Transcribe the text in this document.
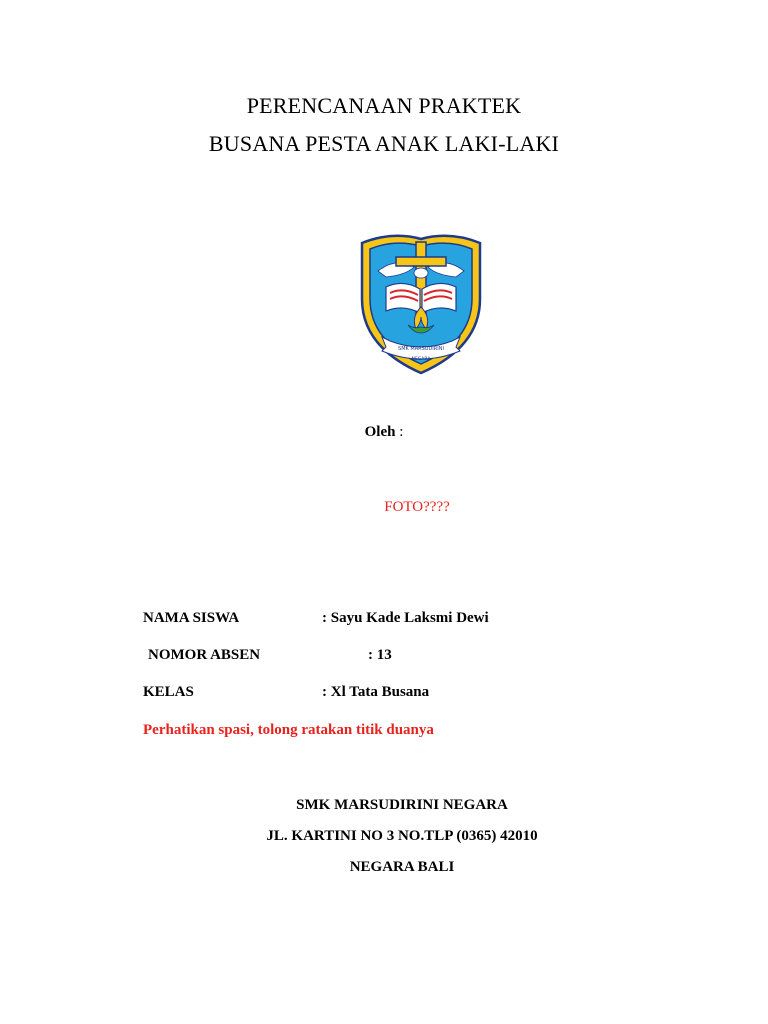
PERENCANAAN PRAKTEK
BUSANA PESTA ANAK LAKI-LAKI
SMK MARSUDIRINI
NEGARA
Oleh :
FOTO????
NAMA SISWA	: Sayu Kade Laksmi Dewi
NOMOR ABSEN	: 13
KELAS	: Xl Tata Busana
Perhatikan spasi, tolong ratakan titik duanya
SMK MARSUDIRINI NEGARA
JL. KARTINI NO 3 NO.TLP (0365) 42010
NEGARA BALI
